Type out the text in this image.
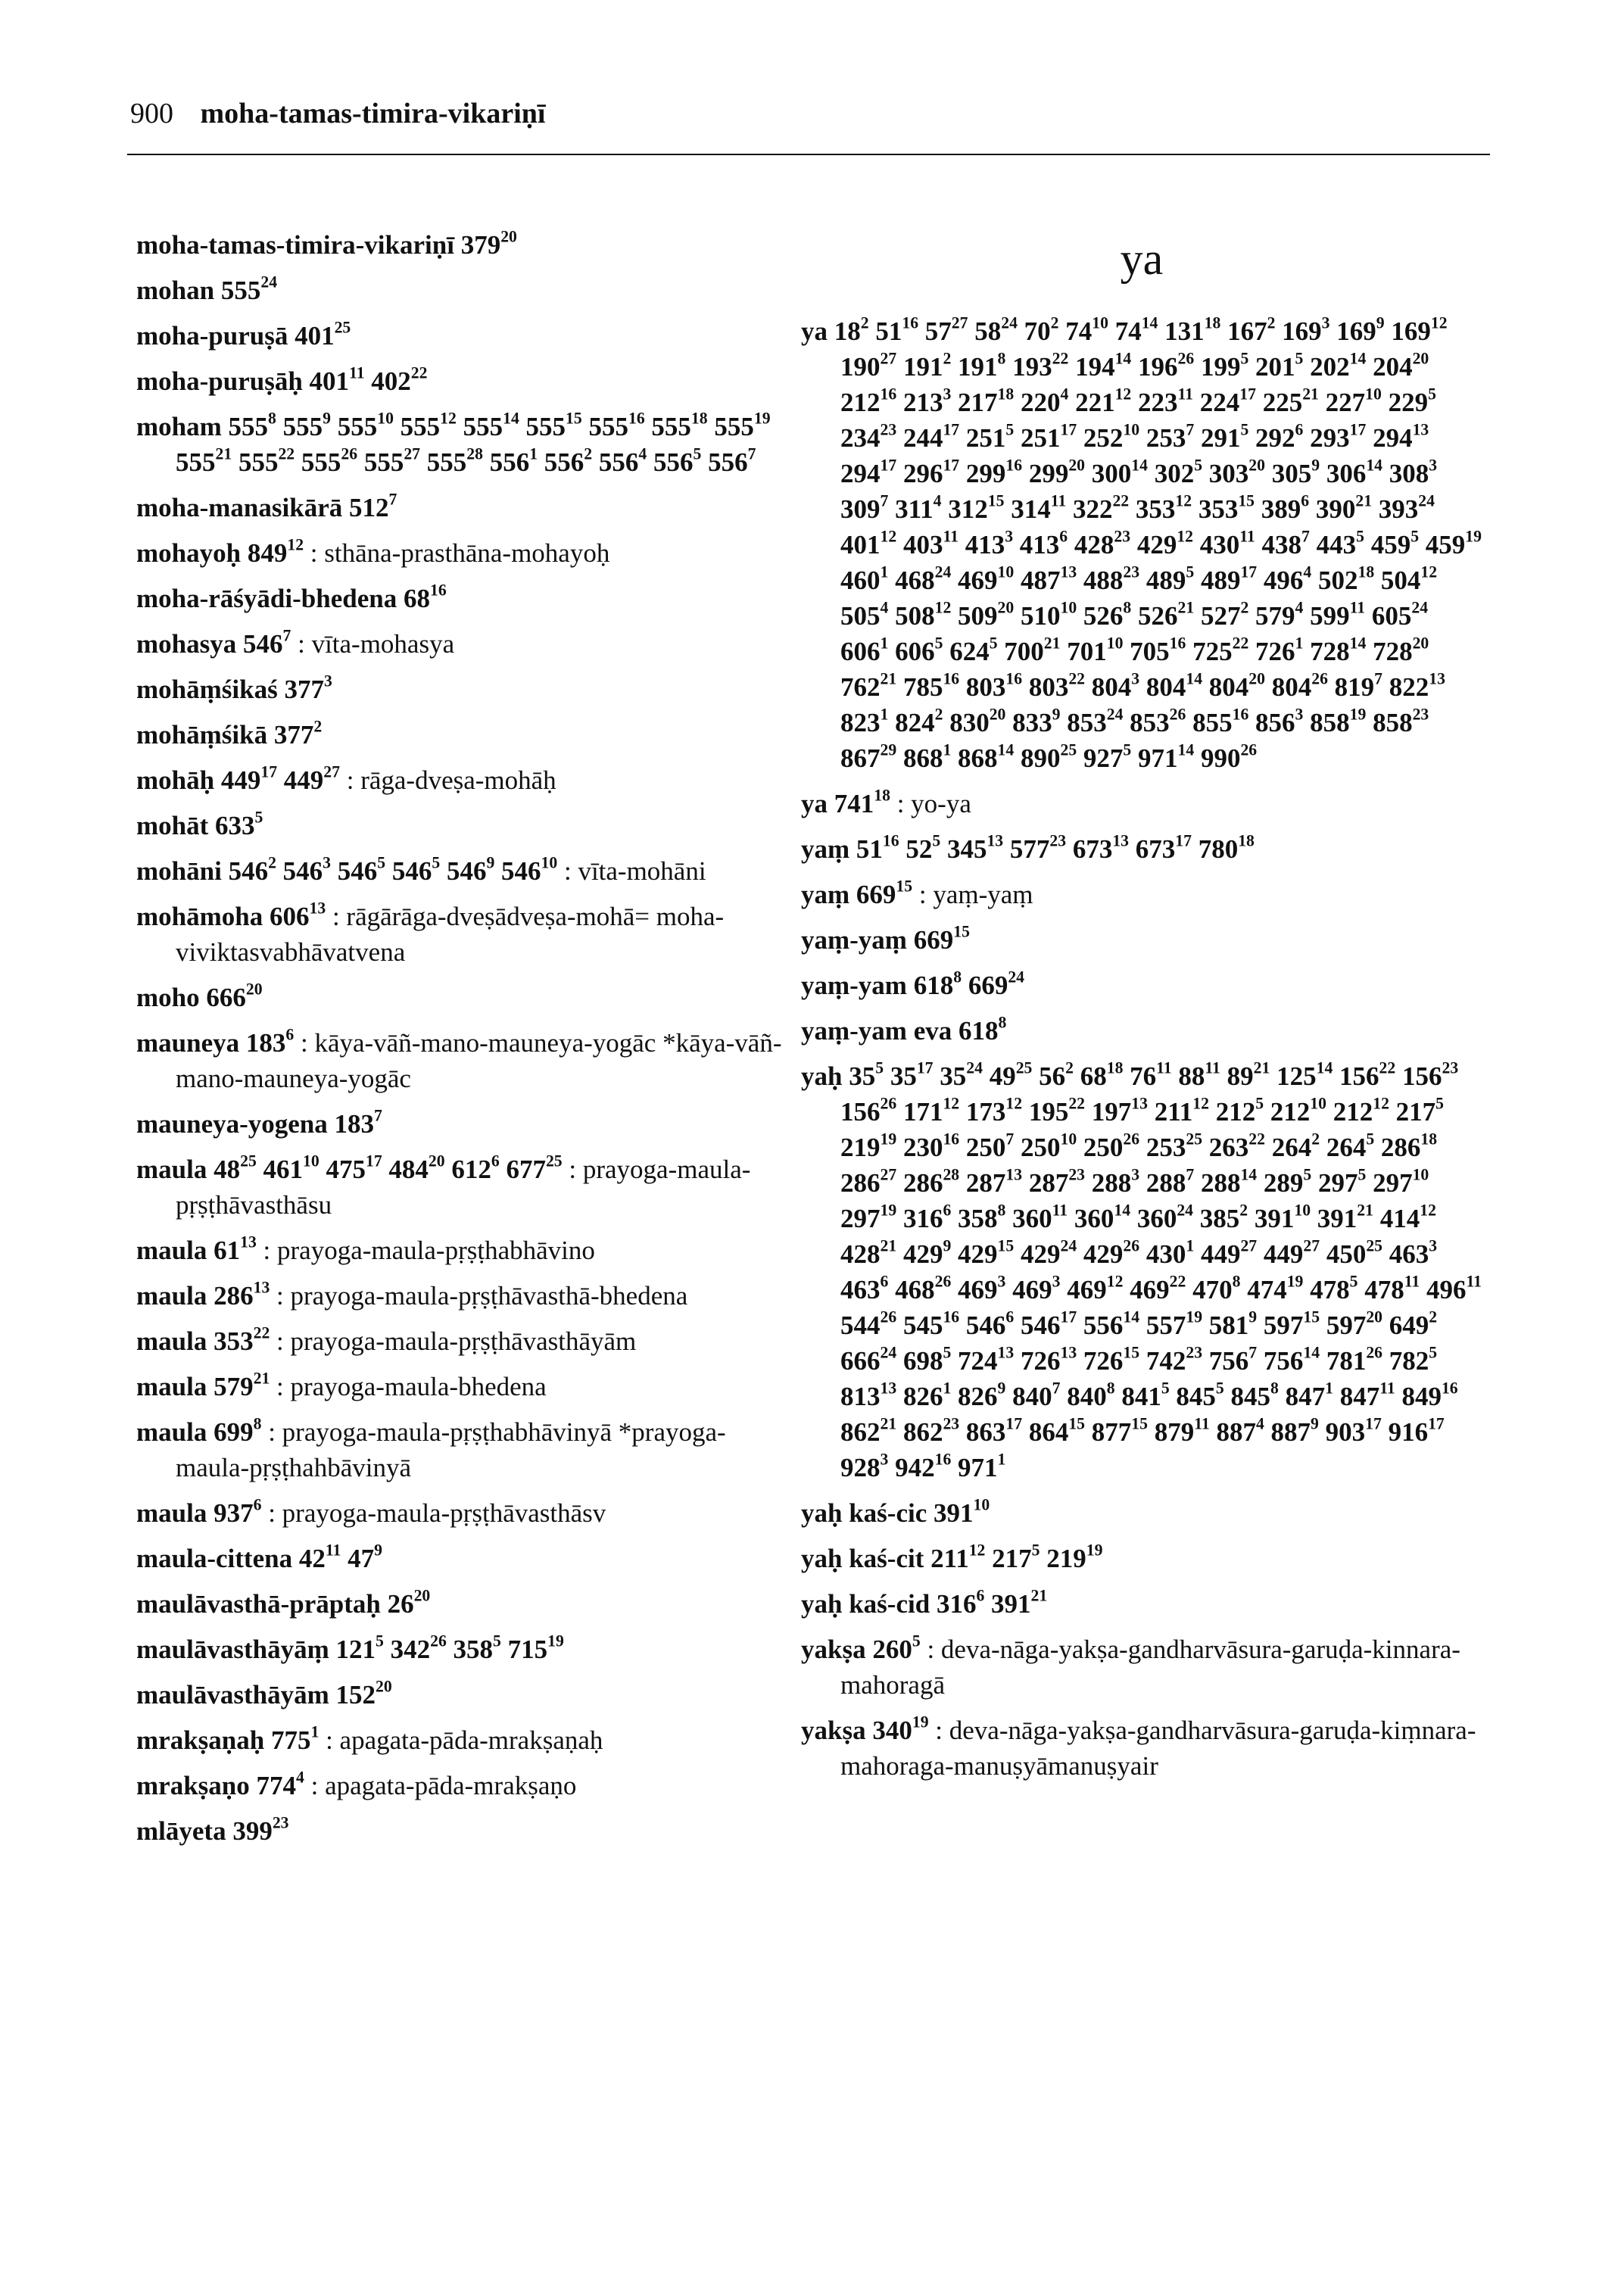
900 moha-tamas-timira-vikariṇī
moha-tamas-timira-vikariṇī $379^{20}$
mohan $555^{24}$
moha-puruṣā $401^{25}$
moha-puruṣāḥ $401^{11}$ $402^{22}$
moham $555^8$ $555^9$ $555^{10}$ $555^{12}$ $555^{14}$ $555^{15}$ $555^{16}$ $555^{18}$ $555^{19}$ $555^{21}$ $555^{22}$ $555^{26}$ $555^{27}$ $555^{28}$ $556^1$ $556^2$ $556^4$ $556^5$ $556^7$
moha-manasikārā $512^7$
mohayoḥ $849^{12}$ : sthāna-prasthāna-mohayoḥ
moha-rāśyādi-bhedena $68^{16}$
mohasya $546^7$ : vīta-mohasya
mohāṃśikaś $377^3$
mohāṃśikā $377^2$
mohāḥ $449^{17}$ $449^{27}$ : rāga-dveṣa-mohāḥ
mohāt $633^5$
mohāni $546^2$ $546^3$ $546^5$ $546^5$ $546^9$ $546^{10}$ : vīta-mohāni
mohāmoha $606^{13}$ : rāgārāga-dveṣādveṣa-mohā= moha-viviktasvabhāvatvena
moho $666^{20}$
mauneya $183^6$ : kāya-vāñ-mano-mauneya-yogāc *kāya-vāñ-mano-mauneya-yogāc
mauneya-yogena $183^7$
maula $48^{25}$ $461^{10}$ $475^{17}$ $484^{20}$ $612^6$ $677^{25}$ : prayoga-maula-pṛṣṭhāvasthāsu
maula $61^{13}$ : prayoga-maula-pṛṣṭhabhāvino
maula $286^{13}$ : prayoga-maula-pṛṣṭhāvasthā-bhedena
maula $353^{22}$ : prayoga-maula-pṛṣṭhāvasthāyām
maula $579^{21}$ : prayoga-maula-bhedena
maula $699^8$ : prayoga-maula-pṛṣṭhabhāvinyā *prayoga-maula-pṛṣṭhahbāvinyā
maula $937^6$ : prayoga-maula-pṛṣṭhāvasthāsv
maula-cittena $42^{11}$ $47^9$
maulāvasthā-prāptaḥ $26^{20}$
maulāvasthāyāṃ $121^5$ $342^{26}$ $358^5$ $715^{19}$
maulāvasthāyām $152^{20}$
mrakṣaṇaḥ $775^1$ : apagata-pāda-mrakṣaṇaḥ
mrakṣaṇo $774^4$ : apagata-pāda-mrakṣaṇo
mlāyeta $399^{23}$
ya
ya $18^2$ $51^{16}$ $57^{27}$ $58^{24}$ $70^2$ $74^{10}$ $74^{14}$ $131^{18}$ $167^2$ $169^3$ $169^9$ $169^{12}$ $190^{27}$ $191^2$ $191^8$ $193^{22}$ $194^{14}$ $196^{26}$ $199^5$ $201^5$ $202^{14}$ $204^{20}$ $212^{16}$ $213^3$ $217^{18}$ $220^4$ $221^{12}$ $223^{11}$ $224^{17}$ $225^{21}$ $227^{10}$ $229^5$ $234^{23}$ $244^{17}$ $251^5$ $251^{17}$ $252^{10}$ $253^7$ $291^5$ $292^6$ $293^{17}$ $294^{13}$ $294^{17}$ $296^{17}$ $299^{16}$ $299^{20}$ $300^{14}$ $302^5$ $303^{20}$ $305^9$ $306^{14}$ $308^3$ $309^7$ $311^4$ $312^{15}$ $314^{11}$ $322^{22}$ $353^{12}$ $353^{15}$ $389^6$ $390^{21}$ $393^{24}$ $401^{12}$ $403^{11}$ $413^3$ $413^6$ $428^{23}$ $429^{12}$ $430^{11}$ $438^7$ $443^5$ $459^5$ $459^{19}$ $460^1$ $468^{24}$ $469^{10}$ $487^{13}$ $488^{23}$ $489^5$ $489^{17}$ $496^4$ $502^{18}$ $504^{12}$ $505^4$ $508^{12}$ $509^{20}$ $510^{10}$ $526^8$ $526^{21}$ $527^2$ $579^4$ $599^{11}$ $605^{24}$ $606^1$ $606^5$ $624^5$ $700^{21}$ $701^{10}$ $705^{16}$ $725^{22}$ $726^1$ $728^{14}$ $728^{20}$ $762^{21}$ $785^{16}$ $803^{16}$ $803^{22}$ $804^3$ $804^{14}$ $804^{20}$ $804^{26}$ $819^7$ $822^{13}$ $823^1$ $824^2$ $830^{20}$ $833^9$ $853^{24}$ $853^{26}$ $855^{16}$ $856^3$ $858^{19}$ $858^{23}$ $867^{29}$ $868^1$ $868^{14}$ $890^{25}$ $927^5$ $971^{14}$ $990^{26}$
ya $741^{18}$ : yo-ya
yaṃ $51^{16}$ $52^5$ $345^{13}$ $577^{23}$ $673^{13}$ $673^{17}$ $780^{18}$
yaṃ $669^{15}$ : yaṃ-yaṃ
yaṃ-yaṃ $669^{15}$
yaṃ-yam $618^8$ $669^{24}$
yaṃ-yam eva $618^8$
yaḥ $35^5$ $35^{17}$ $35^{24}$ $49^{25}$ $56^2$ $68^{18}$ $76^{11}$ $88^{11}$ $89^{21}$ $125^{14}$ $156^{22}$ $156^{23}$ $156^{26}$ $171^{12}$ $173^{12}$ $195^{22}$ $197^{13}$ $211^{12}$ $212^5$ $212^{10}$ $212^{12}$ $217^5$ $219^{19}$ $230^{16}$ $250^7$ $250^{10}$ $250^{26}$ $253^{25}$ $263^{22}$ $264^2$ $264^5$ $286^{18}$ $286^{27}$ $286^{28}$ $287^{13}$ $287^{23}$ $288^3$ $288^7$ $288^{14}$ $289^5$ $297^5$ $297^{10}$ $297^{19}$ $316^6$ $358^8$ $360^{11}$ $360^{14}$ $360^{24}$ $385^2$ $391^{10}$ $391^{21}$ $414^{12}$ $428^{21}$ $429^9$ $429^{15}$ $429^{24}$ $429^{26}$ $430^1$ $449^{27}$ $449^{27}$ $450^{25}$ $463^3$ $463^6$ $468^{26}$ $469^3$ $469^3$ $469^{12}$ $469^{22}$ $470^8$ $474^{19}$ $478^5$ $478^{11}$ $496^{11}$ $544^{26}$ $545^{16}$ $546^6$ $546^{17}$ $556^{14}$ $557^{19}$ $581^9$ $597^{15}$ $597^{20}$ $649^2$ $666^{24}$ $698^5$ $724^{13}$ $726^{13}$ $726^{15}$ $742^{23}$ $756^7$ $756^{14}$ $781^{26}$ $782^5$ $813^{13}$ $826^1$ $826^9$ $840^7$ $840^8$ $841^5$ $845^5$ $845^8$ $847^1$ $847^{11}$ $849^{16}$ $862^{21}$ $862^{23}$ $863^{17}$ $864^{15}$ $877^{15}$ $879^{11}$ $887^4$ $887^9$ $903^{17}$ $916^{17}$ $928^3$ $942^{16}$ $971^1$
yaḥ kaś-cic $391^{10}$
yaḥ kaś-cit $211^{12}$ $217^5$ $219^{19}$
yaḥ kaś-cid $316^6$ $391^{21}$
yakṣa $260^5$ : deva-nāga-yakṣa-gandharvāsura-garuḍa-kinnara-mahoragā
yakṣa $340^{19}$ : deva-nāga-yakṣa-gandharvāsura-garuḍa-kiṃnara-mahoraga-manuṣyāmanuṣyair
